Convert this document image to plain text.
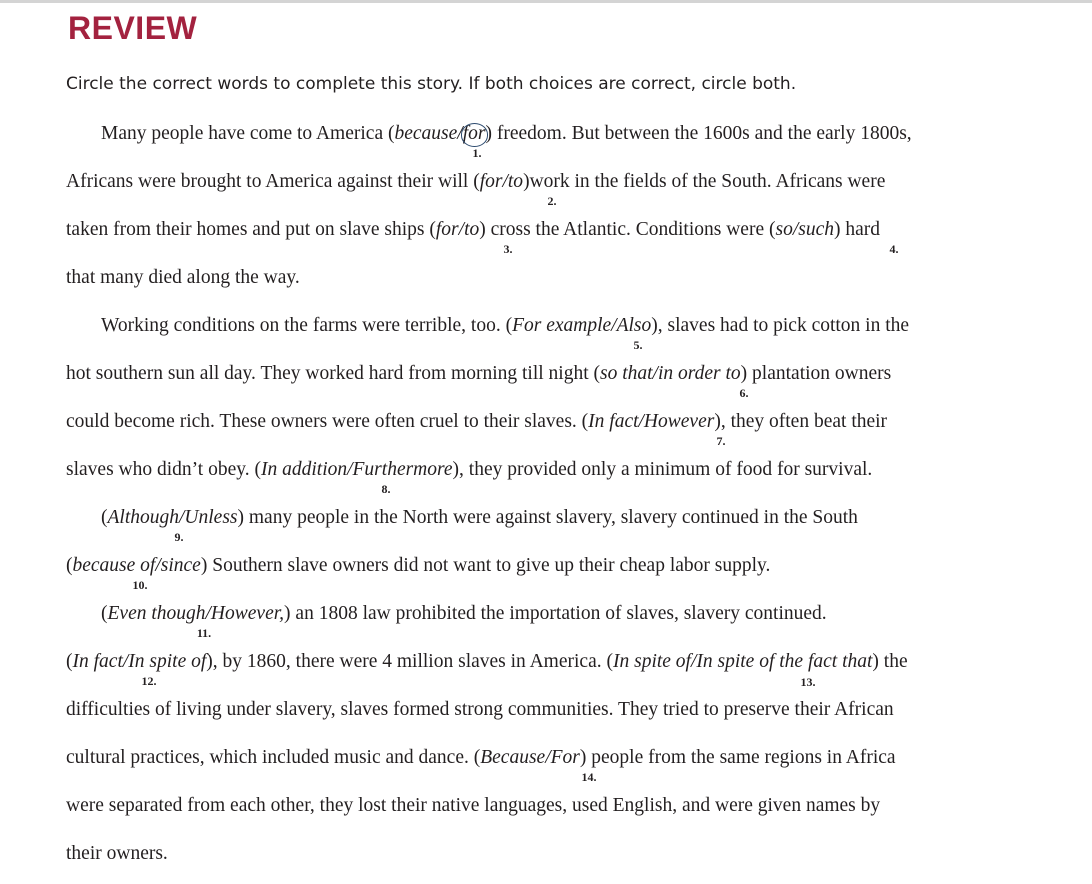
REVIEW
Circle the correct words to complete this story. If both choices are correct, circle both.
Many people have come to America (because/for
) freedom. But between the 1600s and the early 1800s,
1.
Africans were brought to America against their will (for/to)work in the fields of the South. Africans were
2.
taken from their homes and put on slave ships (for/to) cross the Atlantic. Conditions were (so/such) hard
3.	4.
that many died along the way.
Working conditions on the farms were terrible, too. (For example/Also), slaves had to pick cotton in the
5.
hot southern sun all day. They worked hard from morning till night (so that/in order to) plantation owners
6.
could become rich. These owners were often cruel to their slaves. (In fact/However), they often beat their
7.
slaves who didn’t obey. (In addition/Furthermore), they provided only a minimum of food for survival.
8.
(Although/Unless) many people in the North were against slavery, slavery continued in the South
9.
(because of/since) Southern slave owners did not want to give up their cheap labor supply.
10.
(Even though/However,) an 1808 law prohibited the importation of slaves, slavery continued.
11.
(In fact/In spite of), by 1860, there were 4 million slaves in America. (In spite of/In spite of the fact that) the
12.	13.
difficulties of living under slavery, slaves formed strong communities. They tried to preserve their African
cultural practices, which included music and dance. (Because/For) people from the same regions in Africa
14.
were separated from each other, they lost their native languages, used English, and were given names by
their owners.
